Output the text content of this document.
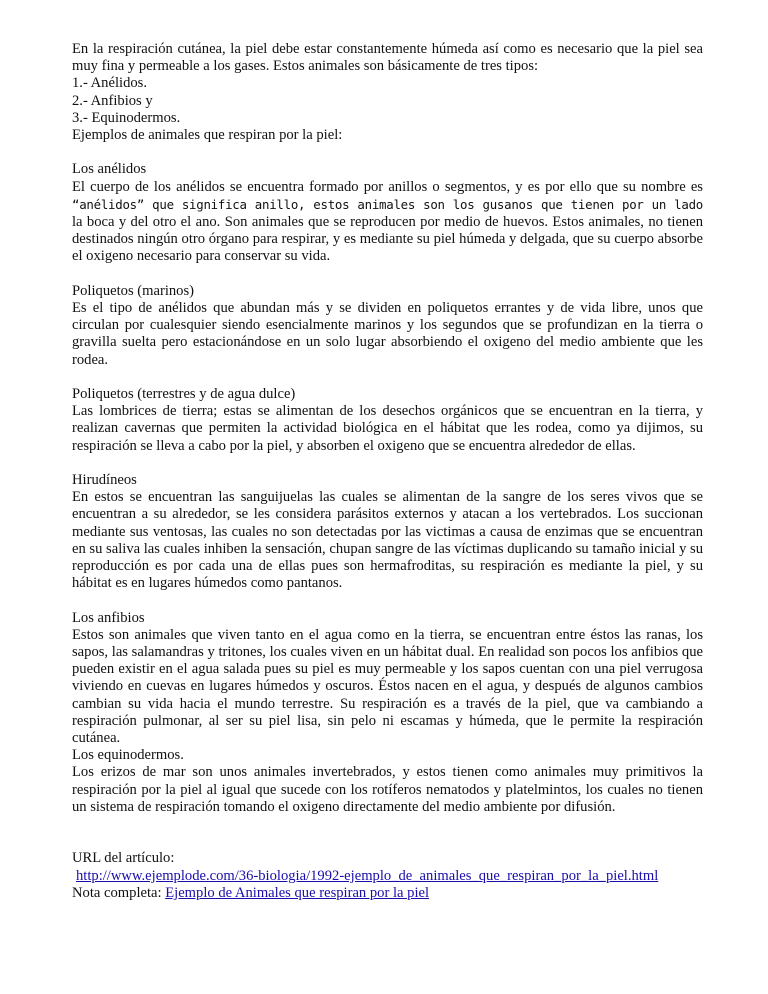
En la respiración cutánea, la piel debe estar constantemente húmeda así como es necesario que la piel sea muy fina y permeable a los gases. Estos animales son básicamente de tres tipos:

1.- Anélidos.

2.- Anfibios y

3.- Equinodermos.

Ejemplos de animales que respiran por la piel:

Los anélidos

El cuerpo de los anélidos se encuentra formado por anillos o segmentos, y es por ello que su nombre es “anélidos” que significa anillo, estos animales son los gusanos que tienen por un lado la boca y del otro el ano. Son animales que se reproducen por medio de huevos. Estos animales, no tienen destinados ningún otro órgano para respirar, y es mediante su piel húmeda y delgada, que su cuerpo absorbe el oxigeno necesario para conservar su vida.

Poliquetos (marinos)

Es el tipo de anélidos que abundan más y se dividen en poliquetos errantes y de vida libre, unos que circulan por cualesquier siendo esencialmente marinos y los segundos que se profundizan en la tierra o gravilla suelta pero estacionándose en un solo lugar absorbiendo el oxigeno del medio ambiente que les rodea.

Poliquetos (terrestres y de agua dulce)

Las lombrices de tierra; estas se alimentan de los desechos orgánicos que se encuentran en la tierra, y realizan cavernas que permiten la actividad biológica en el hábitat que les rodea, como ya dijimos, su respiración se lleva a cabo por la piel, y absorben el oxigeno que se encuentra alrededor de ellas.

Hirudíneos

En estos se encuentran las sanguijuelas las cuales se alimentan de la sangre de los seres vivos que se encuentran a su alrededor, se les considera parásitos externos y atacan a los vertebrados. Los succionan mediante sus ventosas, las cuales no son detectadas por las victimas a causa de enzimas que se encuentran en su saliva las cuales inhiben la sensación, chupan sangre de las víctimas duplicando su tamaño inicial y su reproducción es por cada una de ellas pues son hermafroditas, su respiración es mediante la piel, y su hábitat es en lugares húmedos como pantanos.

Los anfibios

Estos son animales que viven tanto en el agua como en la tierra, se encuentran entre éstos las ranas, los sapos, las salamandras y tritones, los cuales viven en un hábitat dual. En realidad son pocos los anfibios que pueden existir en el agua salada pues su piel es muy permeable y los sapos cuentan con una piel verrugosa viviendo en cuevas en lugares húmedos y oscuros. Éstos nacen en el agua, y después de algunos cambios cambian su vida hacia el mundo terrestre. Su respiración es a través de la piel, que va cambiando a respiración pulmonar, al ser su piel lisa, sin pelo ni escamas y húmeda, que le permite la respiración cutánea.

Los equinodermos.

Los erizos de mar son unos animales invertebrados, y estos tienen como animales muy primitivos la respiración por la piel al igual que sucede con los rotíferos nematodos y platelmintos, los cuales no tienen un sistema de respiración tomando el oxigeno directamente del medio ambiente por difusión.

URL del artículo:

http://www.ejemplode.com/36-biologia/1992-ejemplo_de_animales_que_respiran_por_la_piel.html

Nota completa: Ejemplo de Animales que respiran por la piel
